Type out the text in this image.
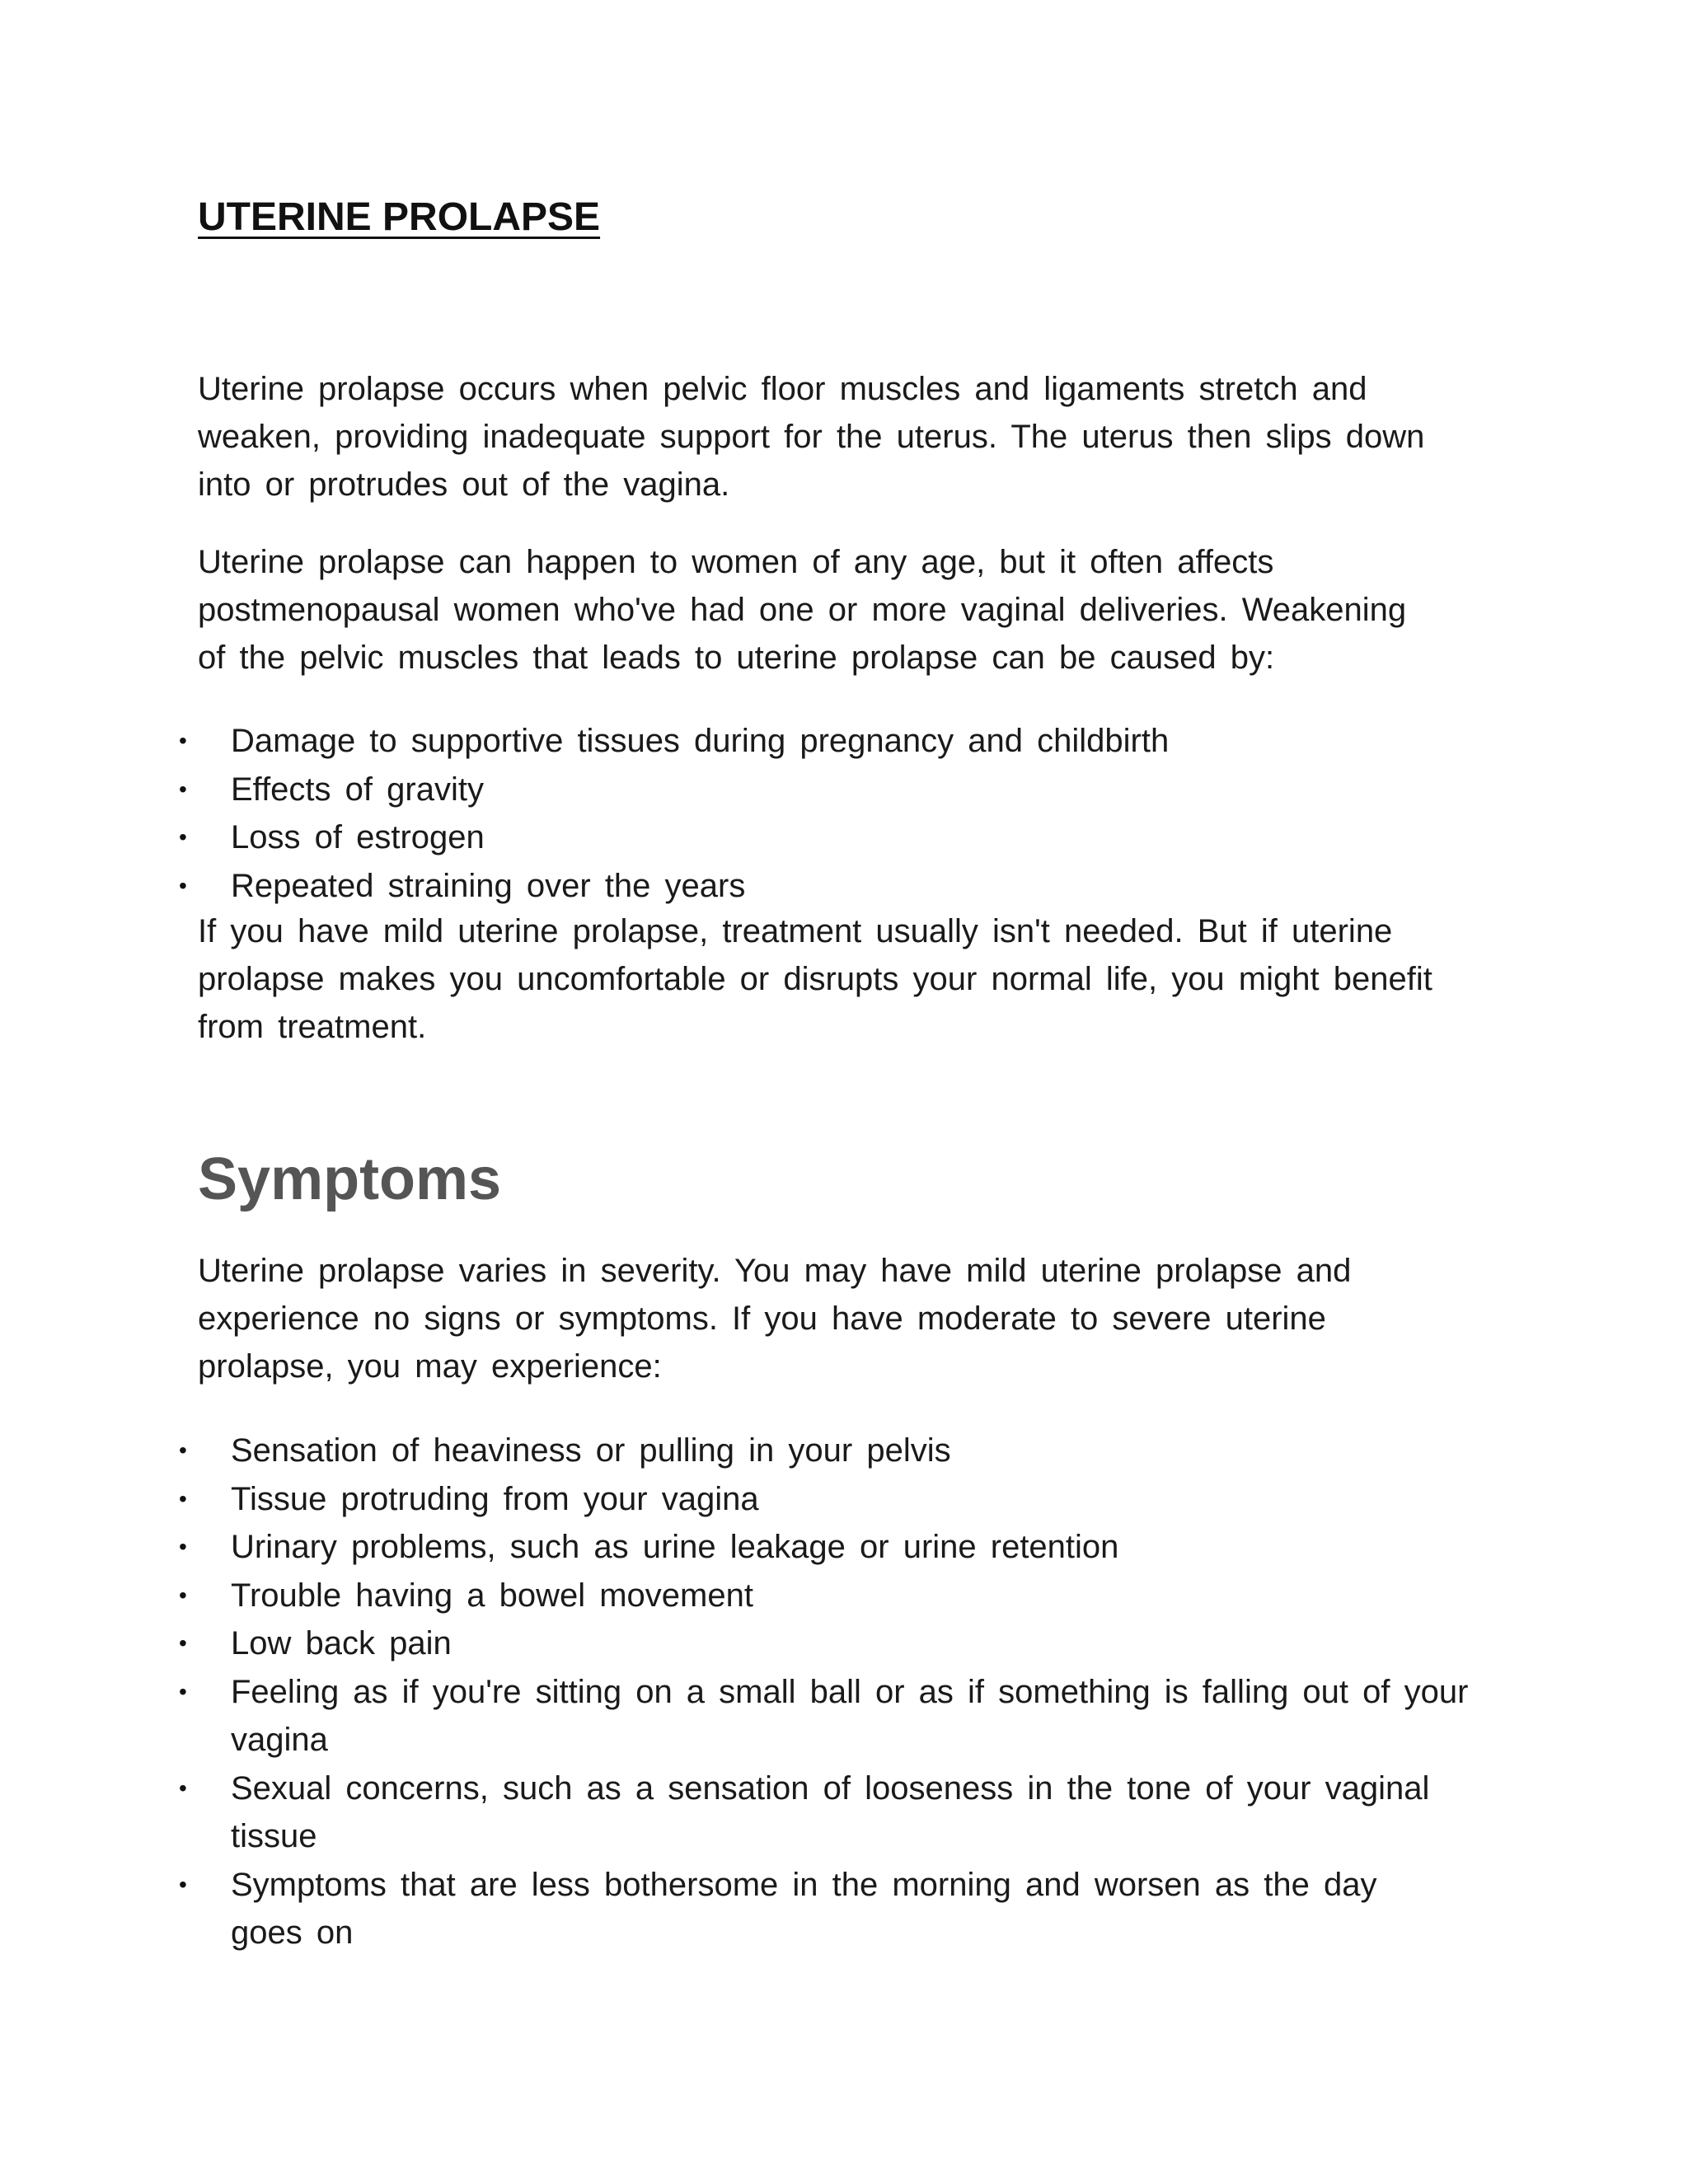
UTERINE PROLAPSE

Uterine prolapse occurs when pelvic floor muscles and ligaments stretch and
weaken, providing inadequate support for the uterus. The uterus then slips down
into or protrudes out of the vagina.

Uterine prolapse can happen to women of any age, but it often affects
postmenopausal women who've had one or more vaginal deliveries. Weakening
of the pelvic muscles that leads to uterine prolapse can be caused by:

• Damage to supportive tissues during pregnancy and childbirth
• Effects of gravity
• Loss of estrogen
• Repeated straining over the years

If you have mild uterine prolapse, treatment usually isn't needed. But if uterine
prolapse makes you uncomfortable or disrupts your normal life, you might benefit
from treatment.

Symptoms

Uterine prolapse varies in severity. You may have mild uterine prolapse and
experience no signs or symptoms. If you have moderate to severe uterine
prolapse, you may experience:

• Sensation of heaviness or pulling in your pelvis
• Tissue protruding from your vagina
• Urinary problems, such as urine leakage or urine retention
• Trouble having a bowel movement
• Low back pain
• Feeling as if you're sitting on a small ball or as if something is falling out of your
vagina
• Sexual concerns, such as a sensation of looseness in the tone of your vaginal
tissue
• Symptoms that are less bothersome in the morning and worsen as the day
goes on
